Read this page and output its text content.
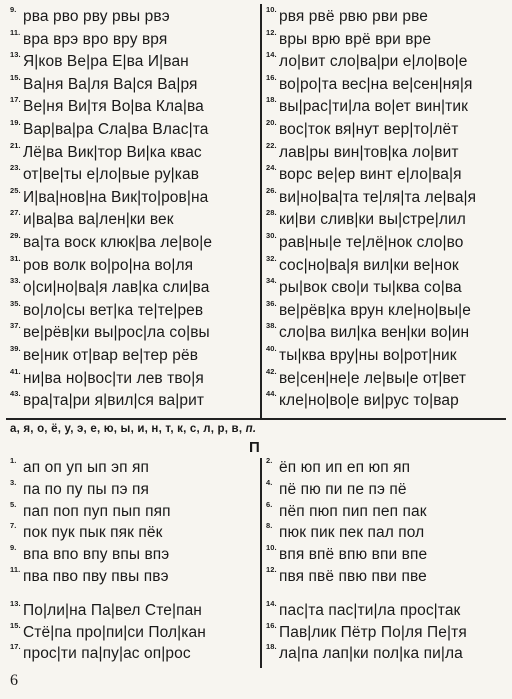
9. рва рво рву рвы рвэ
11. вра врэ вро вру вря
13. Я|ков Ве|ра Е|ва И|ван
15. Ва|ня Ва|ля Ва|ся Ва|ря
17. Ве|ня Ви|тя Во|ва Кла|ва
19. Вар|ва|ра Сла|ва Влас|та
21. Лё|ва Вик|тор Ви|ка квас
23. от|ве|ты е|ло|вые ру|кав
25. И|ва|нов|на Вик|то|ров|на
27. и|ва|ва ва|лен|ки век
29. ва|та воск клюк|ва ле|во|е
31. ров волк во|ро|на во|ля
33. о|си|но|ва|я лав|ка сли|ва
35. во|ло|сы вет|ка те|те|рев
37. ве|рёв|ки вы|рос|ла со|вы
39. ве|ник от|вар ве|тер рёв
41. ни|ва но|вос|ти лев тво|я
43. вра|та|ри я|вил|ся ва|рит
10. рвя рвё рвю рви рве
12. вры врю врё ври вре
14. ло|вит сло|ва|ри е|ло|во|е
16. во|ро|та вес|на ве|сен|ня|я
18. вы|рас|ти|ла во|ет вин|тик
20. вос|ток вя|нут вер|то|лёт
22. лав|ры вин|тов|ка ло|вит
24. ворс ве|ер винт е|ло|ва|я
26. ви|но|ва|та те|ля|та ле|ва|я
28. ки|ви слив|ки вы|стре|лил
30. рав|ны|е те|лё|нок сло|во
32. сос|но|ва|я вил|ки ве|нок
34. ры|вок сво|и ты|ква со|ва
36. ве|рёв|ка врун кле|но|вы|е
38. сло|ва вил|ка вен|ки во|ин
40. ты|ква вру|ны во|рот|ник
42. ве|сен|не|е ле|вы|е от|вет
44. кле|но|во|е ви|рус то|вар
а, я, о, ё, у, э, е, ю, ы, и, н, т, к, с, л, р, в, п.
П
1. ап оп уп ып эп яп
3. па по пу пы пэ пя
5. пап поп пуп пып пяп
7. пок пук пык пяк пёк
9. впа впо впу впы впэ
11. пва пво пву пвы пвэ
13. По|ли|на Па|вел Сте|пан
15. Стё|па про|пи|си Пол|кан
17. прос|ти па|пу|ас оп|рос
2. ёп юп ип еп юп яп
4. пё пю пи пе пэ пё
6. пёп пюп пип пеп пак
8. пюк пик пек пал пол
10. впя впё впю впи впе
12. пвя пвё пвю пви пве
14. пас|та пас|ти|ла прос|так
16. Пав|лик Пётр По|ля Пе|тя
18. ла|па лап|ки пол|ка пи|ла
6
